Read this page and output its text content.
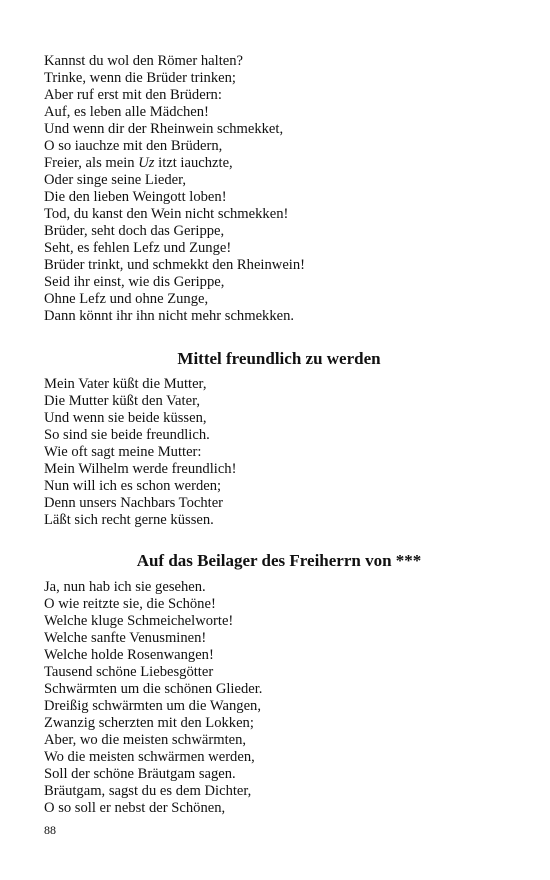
Kannst du wol den Römer halten?
Trinke, wenn die Brüder trinken;
Aber ruf erst mit den Brüdern:
Auf, es leben alle Mädchen!
Und wenn dir der Rheinwein schmekket,
O so iauchze mit den Brüdern,
Freier, als mein Uz itzt iauchzte,
Oder singe seine Lieder,
Die den lieben Weingott loben!
Tod, du kanst den Wein nicht schmekken!
Brüder, seht doch das Gerippe,
Seht, es fehlen Lefz und Zunge!
Brüder trinkt, und schmekkt den Rheinwein!
Seid ihr einst, wie dis Gerippe,
Ohne Lefz und ohne Zunge,
Dann könnt ihr ihn nicht mehr schmekken.
Mittel freundlich zu werden
Mein Vater küßt die Mutter,
Die Mutter küßt den Vater,
Und wenn sie beide küssen,
So sind sie beide freundlich.
Wie oft sagt meine Mutter:
Mein Wilhelm werde freundlich!
Nun will ich es schon werden;
Denn unsers Nachbars Tochter
Läßt sich recht gerne küssen.
Auf das Beilager des Freiherrn von ***
Ja, nun hab ich sie gesehen.
O wie reitzte sie, die Schöne!
Welche kluge Schmeichelworte!
Welche sanfte Venusminen!
Welche holde Rosenwangen!
Tausend schöne Liebesgötter
Schwärmten um die schönen Glieder.
Dreißig schwärmten um die Wangen,
Zwanzig scherzten mit den Lokken;
Aber, wo die meisten schwärmten,
Wo die meisten schwärmen werden,
Soll der schöne Bräutgam sagen.
Bräutgam, sagst du es dem Dichter,
O so soll er nebst der Schönen,
88
